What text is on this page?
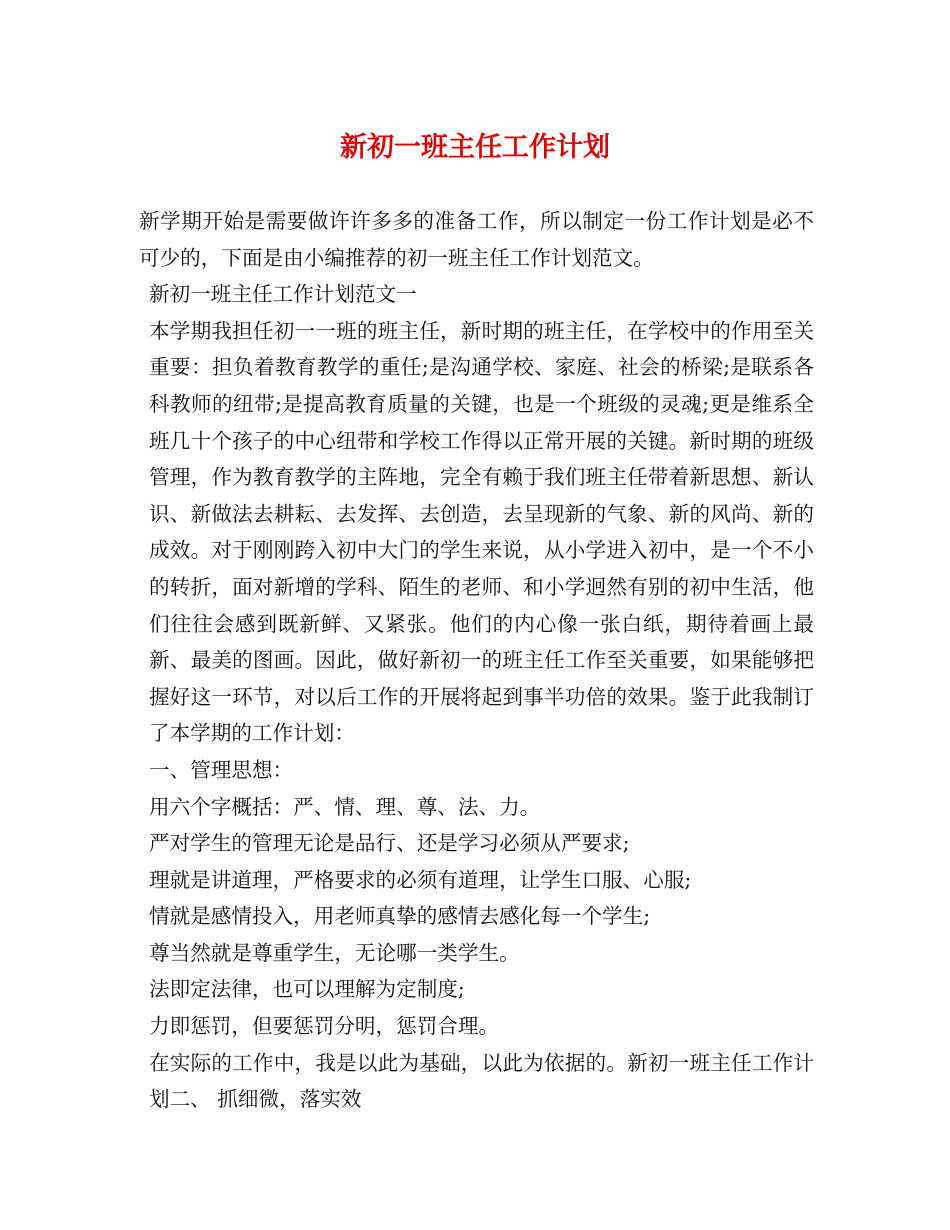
新初一班主任工作计划

新学期开始是需要做许许多多的准备工作，所以制定一份工作计划是必不可少的，下面是由小编推荐的初一班主任工作计划范文。

新初一班主任工作计划范文一

本学期我担任初一一班的班主任，新时期的班主任，在学校中的作用至关重要：担负着教育教学的重任;是沟通学校、家庭、社会的桥梁;是联系各科教师的纽带;是提高教育质量的关键，也是一个班级的灵魂;更是维系全班几十个孩子的中心纽带和学校工作得以正常开展的关键。新时期的班级管理，作为教育教学的主阵地，完全有赖于我们班主任带着新思想、新认识、新做法去耕耘、去发挥、去创造，去呈现新的气象、新的风尚、新的成效。对于刚刚跨入初中大门的学生来说，从小学进入初中，是一个不小的转折，面对新增的学科、陌生的老师、和小学迥然有别的初中生活，他们往往会感到既新鲜、又紧张。他们的内心像一张白纸，期待着画上最新、最美的图画。因此，做好新初一的班主任工作至关重要，如果能够把握好这一环节，对以后工作的开展将起到事半功倍的效果。鉴于此我制订了本学期的工作计划：

一、管理思想：

用六个字概括：严、情、理、尊、法、力。

严对学生的管理无论是品行、还是学习必须从严要求;

理就是讲道理，严格要求的必须有道理，让学生口服、心服;

情就是感情投入，用老师真挚的感情去感化每一个学生;

尊当然就是尊重学生，无论哪一类学生。

法即定法律，也可以理解为定制度;

力即惩罚，但要惩罚分明，惩罚合理。

在实际的工作中，我是以此为基础，以此为依据的。新初一班主任工作计划二、 抓细微，落实效
